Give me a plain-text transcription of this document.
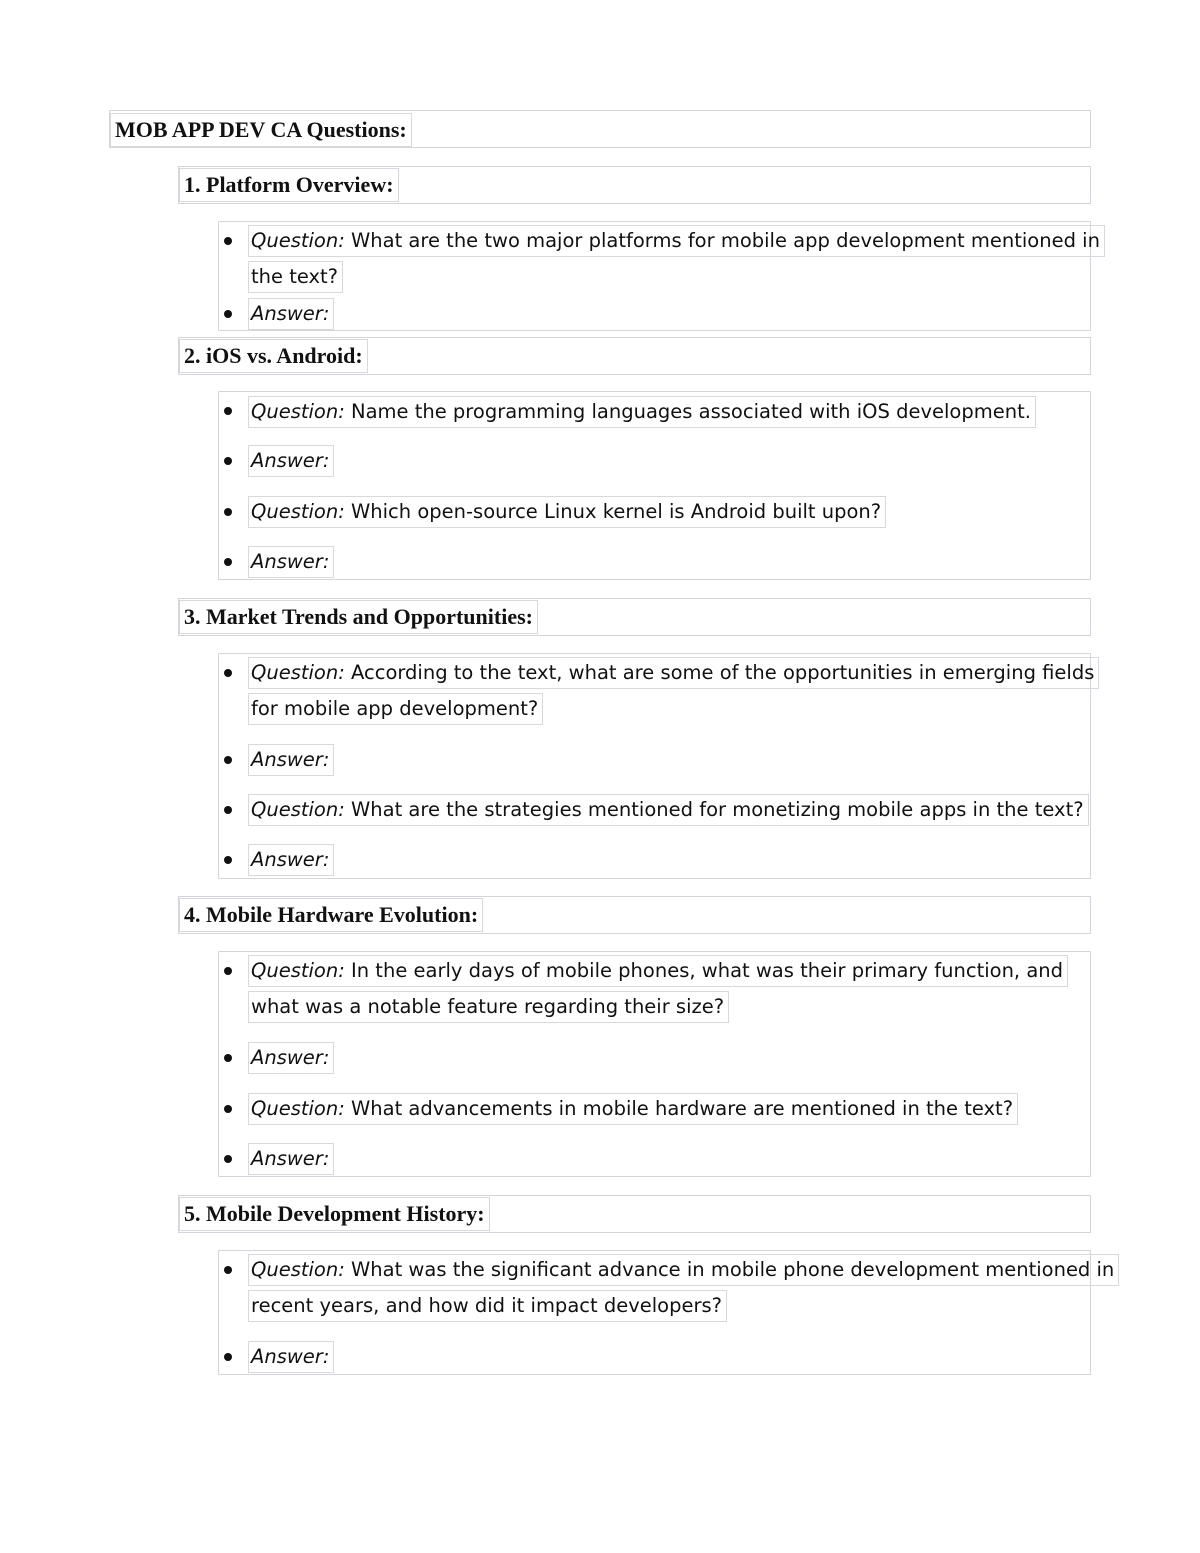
MOB APP DEV CA Questions:
1. Platform Overview:
Question: What are the two major platforms for mobile app development mentioned in
the text?
Answer:
2. iOS vs. Android:
Question: Name the programming languages associated with iOS development.
Answer:
Question: Which open-source Linux kernel is Android built upon?
Answer:
3. Market Trends and Opportunities:
Question: According to the text, what are some of the opportunities in emerging fields
for mobile app development?
Answer:
Question: What are the strategies mentioned for monetizing mobile apps in the text?
Answer:
4. Mobile Hardware Evolution:
Question: In the early days of mobile phones, what was their primary function, and
what was a notable feature regarding their size?
Answer:
Question: What advancements in mobile hardware are mentioned in the text?
Answer:
5. Mobile Development History:
Question: What was the significant advance in mobile phone development mentioned in
recent years, and how did it impact developers?
Answer:
